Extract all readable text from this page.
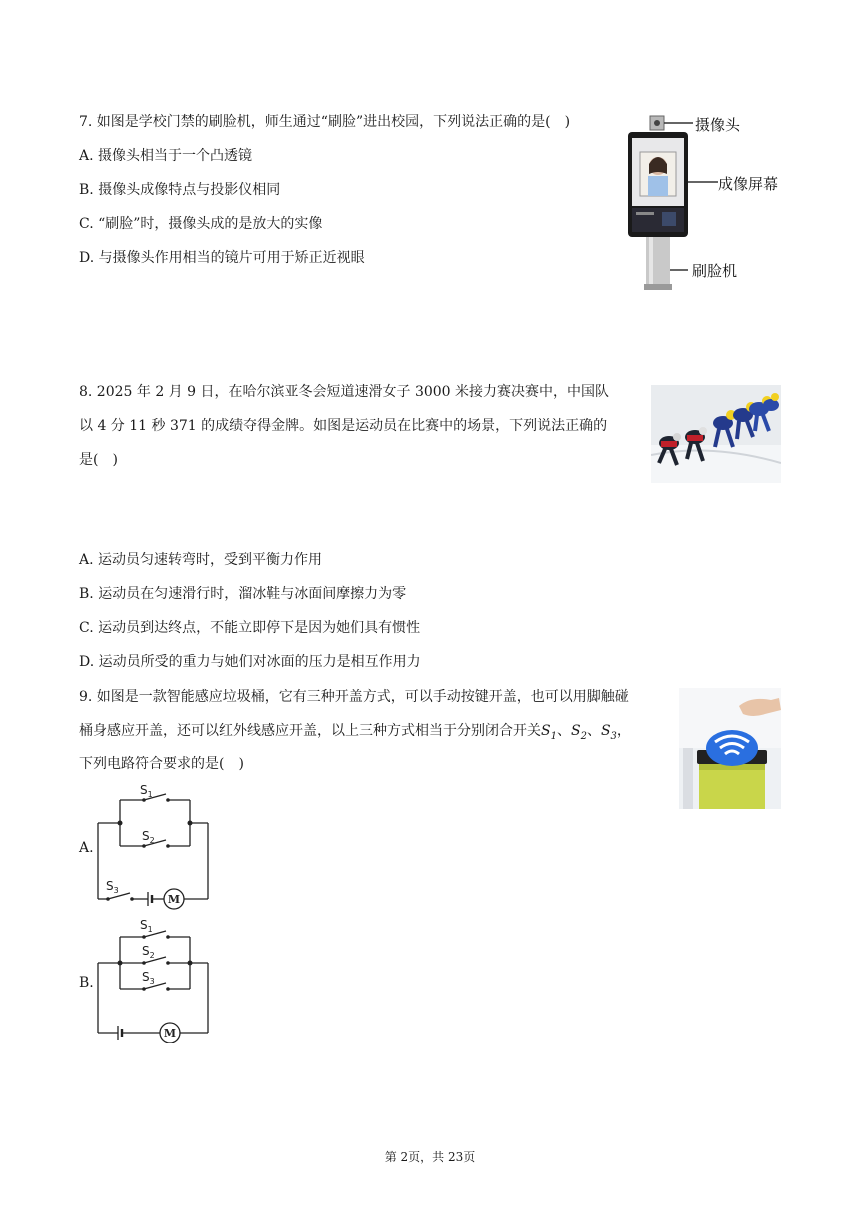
7. 如图是学校门禁的刷脸机，师生通过“刷脸”进出校园，下列说法正确的是(　)
A. 摄像头相当于一个凸透镜
B. 摄像头成像特点与投影仪相同
C. “刷脸”时，摄像头成的是放大的实像
D. 与摄像头作用相当的镜片可用于矫正近视眼
摄像头
成像屏幕
刷脸机
8. 2025 年 2 月 9 日，在哈尔滨亚冬会短道速滑女子 3000 米接力赛决赛中，中国队
以 4 分 11 秒 371 的成绩夺得金牌。如图是运动员在比赛中的场景，下列说法正确的
是(　)
A. 运动员匀速转弯时，受到平衡力作用
B. 运动员在匀速滑行时，溜冰鞋与冰面间摩擦力为零
C. 运动员到达终点，不能立即停下是因为她们具有惯性
D. 运动员所受的重力与她们对冰面的压力是相互作用力
9. 如图是一款智能感应垃圾桶，它有三种开盖方式，可以手动按键开盖，也可以用脚触碰
桶身感应开盖，还可以红外线感应开盖，以上三种方式相当于分别闭合开关$S_1$、$S_2$、$S_3$，
下列电路符合要求的是(　)
A.
$S_1$
$S_2$
$S_3$
M
B.
$S_1$
$S_2$
$S_3$
M
第 2页，共 23页
